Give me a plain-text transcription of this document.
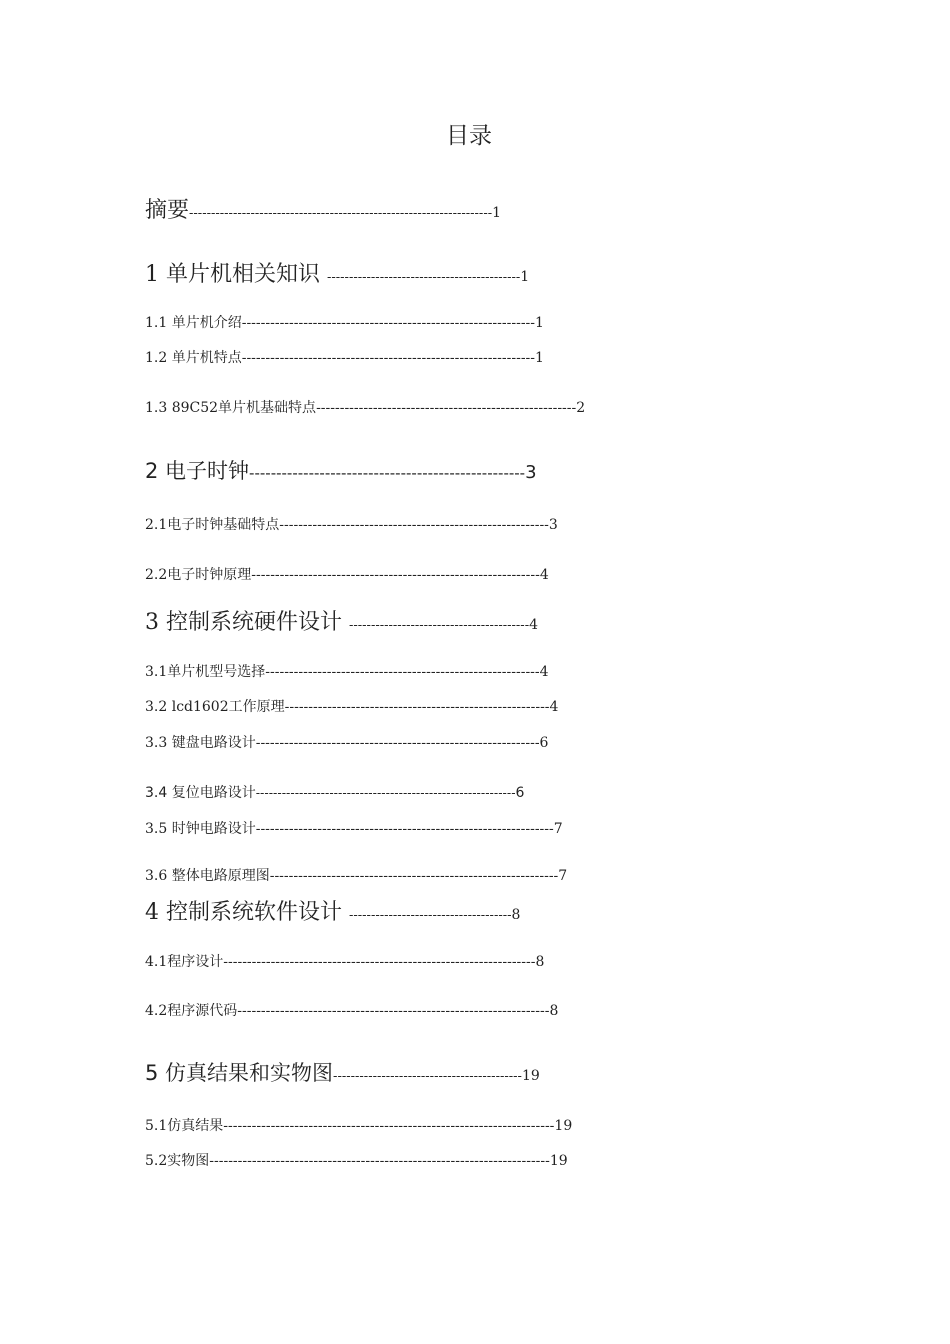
目录
摘要---------------------------------------------------------------------1
1 单片机相关知识 --------------------------------------------1
1.1 单片机介绍--------------------------------------------------------------1
1.2 单片机特点--------------------------------------------------------------1
1.3 89C52单片机基础特点-------------------------------------------------------2
2 电子时钟---------------------------------------------------3
2.1电子时钟基础特点---------------------------------------------------------3
2.2电子时钟原理-------------------------------------------------------------4
3 控制系统硬件设计 -----------------------------------------4
3.1单片机型号选择----------------------------------------------------------4
3.2 lcd1602工作原理--------------------------------------------------------4
3.3 键盘电路设计------------------------------------------------------------6
3.4 复位电路设计------------------------------------------------------------6
3.5 时钟电路设计---------------------------------------------------------------7
3.6 整体电路原理图-------------------------------------------------------------7
4 控制系统软件设计 -------------------------------------8
4.1程序设计------------------------------------------------------------------8
4.2程序源代码------------------------------------------------------------------8
5 仿真结果和实物图-------------------------------------------19
5.1仿真结果----------------------------------------------------------------------19
5.2实物图------------------------------------------------------------------------19
